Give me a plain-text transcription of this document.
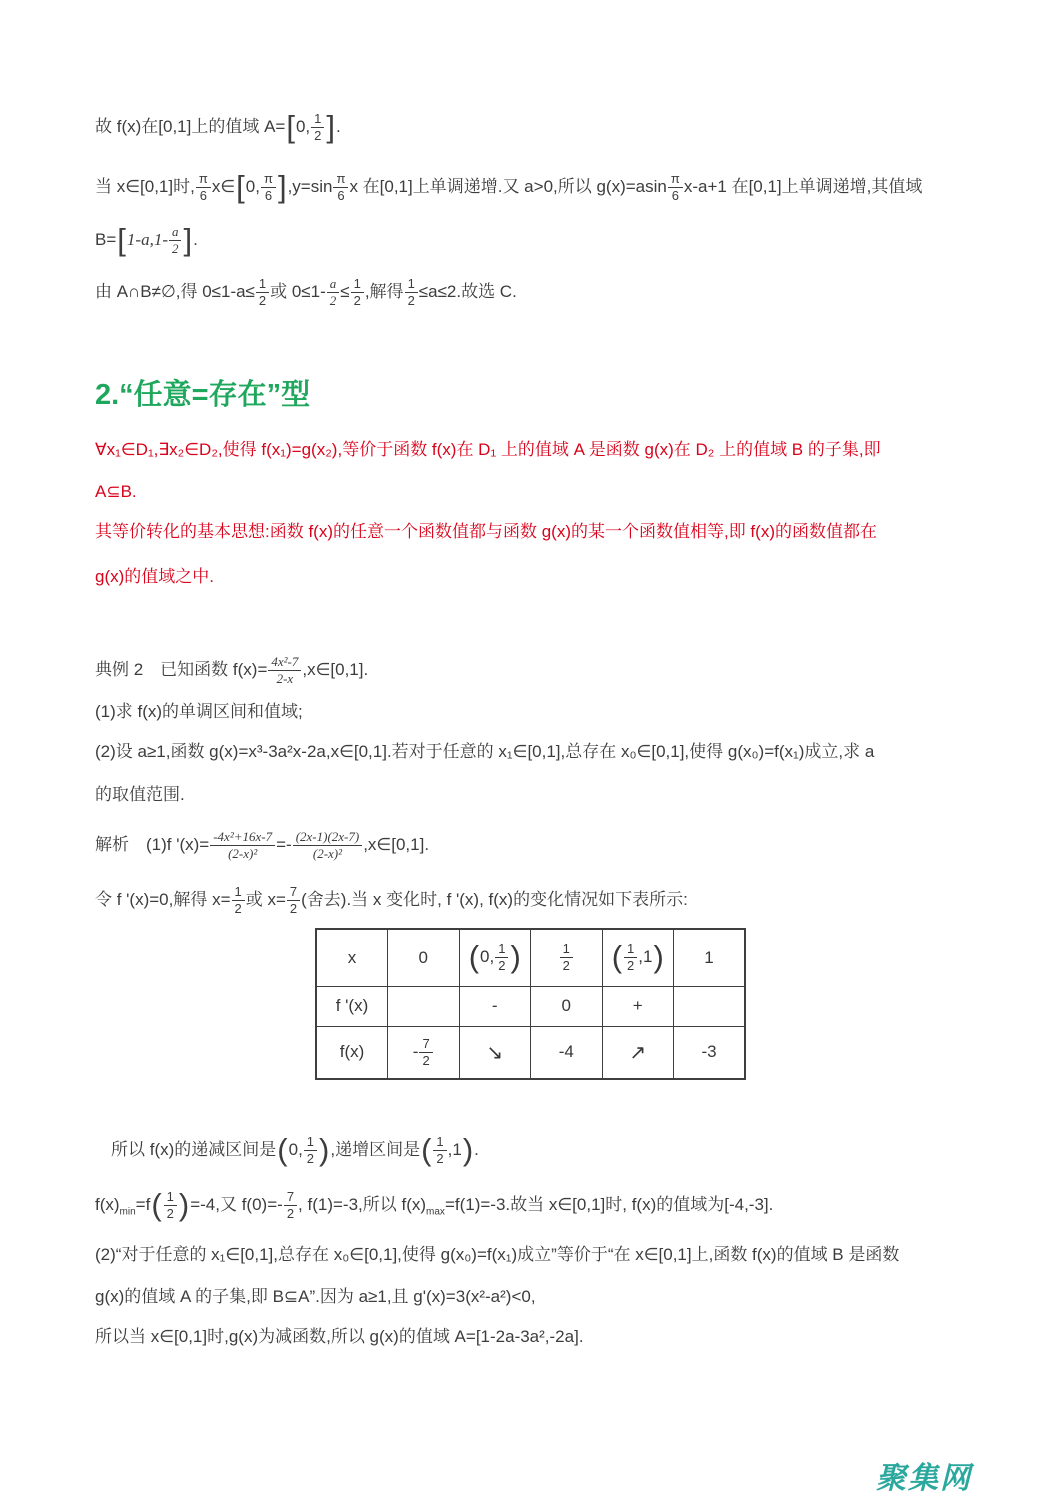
故 f(x)在[0,1]上的值域 A=[0, $\frac{1}{2}$ ].
当 x∈[0,1]时, $\frac{\pi}{6}$ x∈[0, $\frac{\pi}{6} ],y=\sin \frac{\pi}{6}$ x 在[0,1]上单调递增.又 a>0,所以 $g(x)=asin \frac{\pi}{6} x-a+1$ 在[0,1]上单调递增,其值域
$B=[1-a,1- \frac{a}{2}$ ].
由 A∩B≠∅,得 $0\le 1-a\le \frac{1}{2}$ 或 $0\le 1- \frac{a}{2} \le \frac{1}{2}$ ,解得 $\frac{1}{2} \le a\le 2$.故选 C.
2.“任意=存在”型
∀x₁∈D₁,∃x₂∈D₂,使得 f(x₁)=g(x₂),等价于函数 f(x)在 D₁ 上的值域 A 是函数 g(x)在 D₂ 上的值域 B 的子集,即
A⊆B.
其等价转化的基本思想:函数 f(x)的任意一个函数值都与函数 g(x)的某一个函数值相等,即 f(x)的函数值都在
g(x)的值域之中.
典例 2　已知函数 $f(x)= \frac{\text{4x²-7}}{2-x}$ ,x∈[0,1].
(1)求 f(x)的单调区间和值域;
(2)设 a≥1,函数 g(x)=x³-3a²x-2a,x∈[0,1].若对于任意的 x₁∈[0,1],总存在 x₀∈[0,1],使得 g(x₀)=f(x₁)成立,求 a
的取值范围.
解析　(1)f '$(x)= \frac{\text{-4x²+16x-7}}{\text{(2-x)²}} =- \frac{(2x-1)(2x-7)}{\text{(2-x)²}}$ ,x∈[0,1].
令 f '(x)=0,解得 $x= \frac{1}{2}$ 或 $x= \frac{7}{2}$ (舍去).当 x 变化时, f '(x), f(x)的变化情况如下表所示:
x	0	(0, $\frac{1}{2}$ )	$\frac{1}{2}$	( $\frac{1}{2} ,1$)	1
f '(x)		-	0	+	
f(x)	- $\frac{7}{2}$	↘	-4	↗	-3
所以 f(x)的递减区间是(0, $\frac{1}{2}$ ),递增区间是( $\frac{1}{2} ,1$).
$f(x)_{min}=f( \frac{1}{2} )=-4$,又 $f(0)=- \frac{7}{2}$ , f(1)=-3,所以 $f(x)_{max}=f(1)=-3$.故当 x∈[0,1]时, f(x)的值域为[-4,-3].
(2)“对于任意的 x₁∈[0,1],总存在 x₀∈[0,1],使得 g(x₀)=f(x₁)成立”等价于“在 x∈[0,1]上,函数 f(x)的值域 B 是函数
g(x)的值域 A 的子集,即 B⊆A”.因为 a≥1,且 g'(x)=3(x²-a²)<0,
所以当 x∈[0,1]时,g(x)为减函数,所以 g(x)的值域 A=[1-2a-3a²,-2a].
聚集网
